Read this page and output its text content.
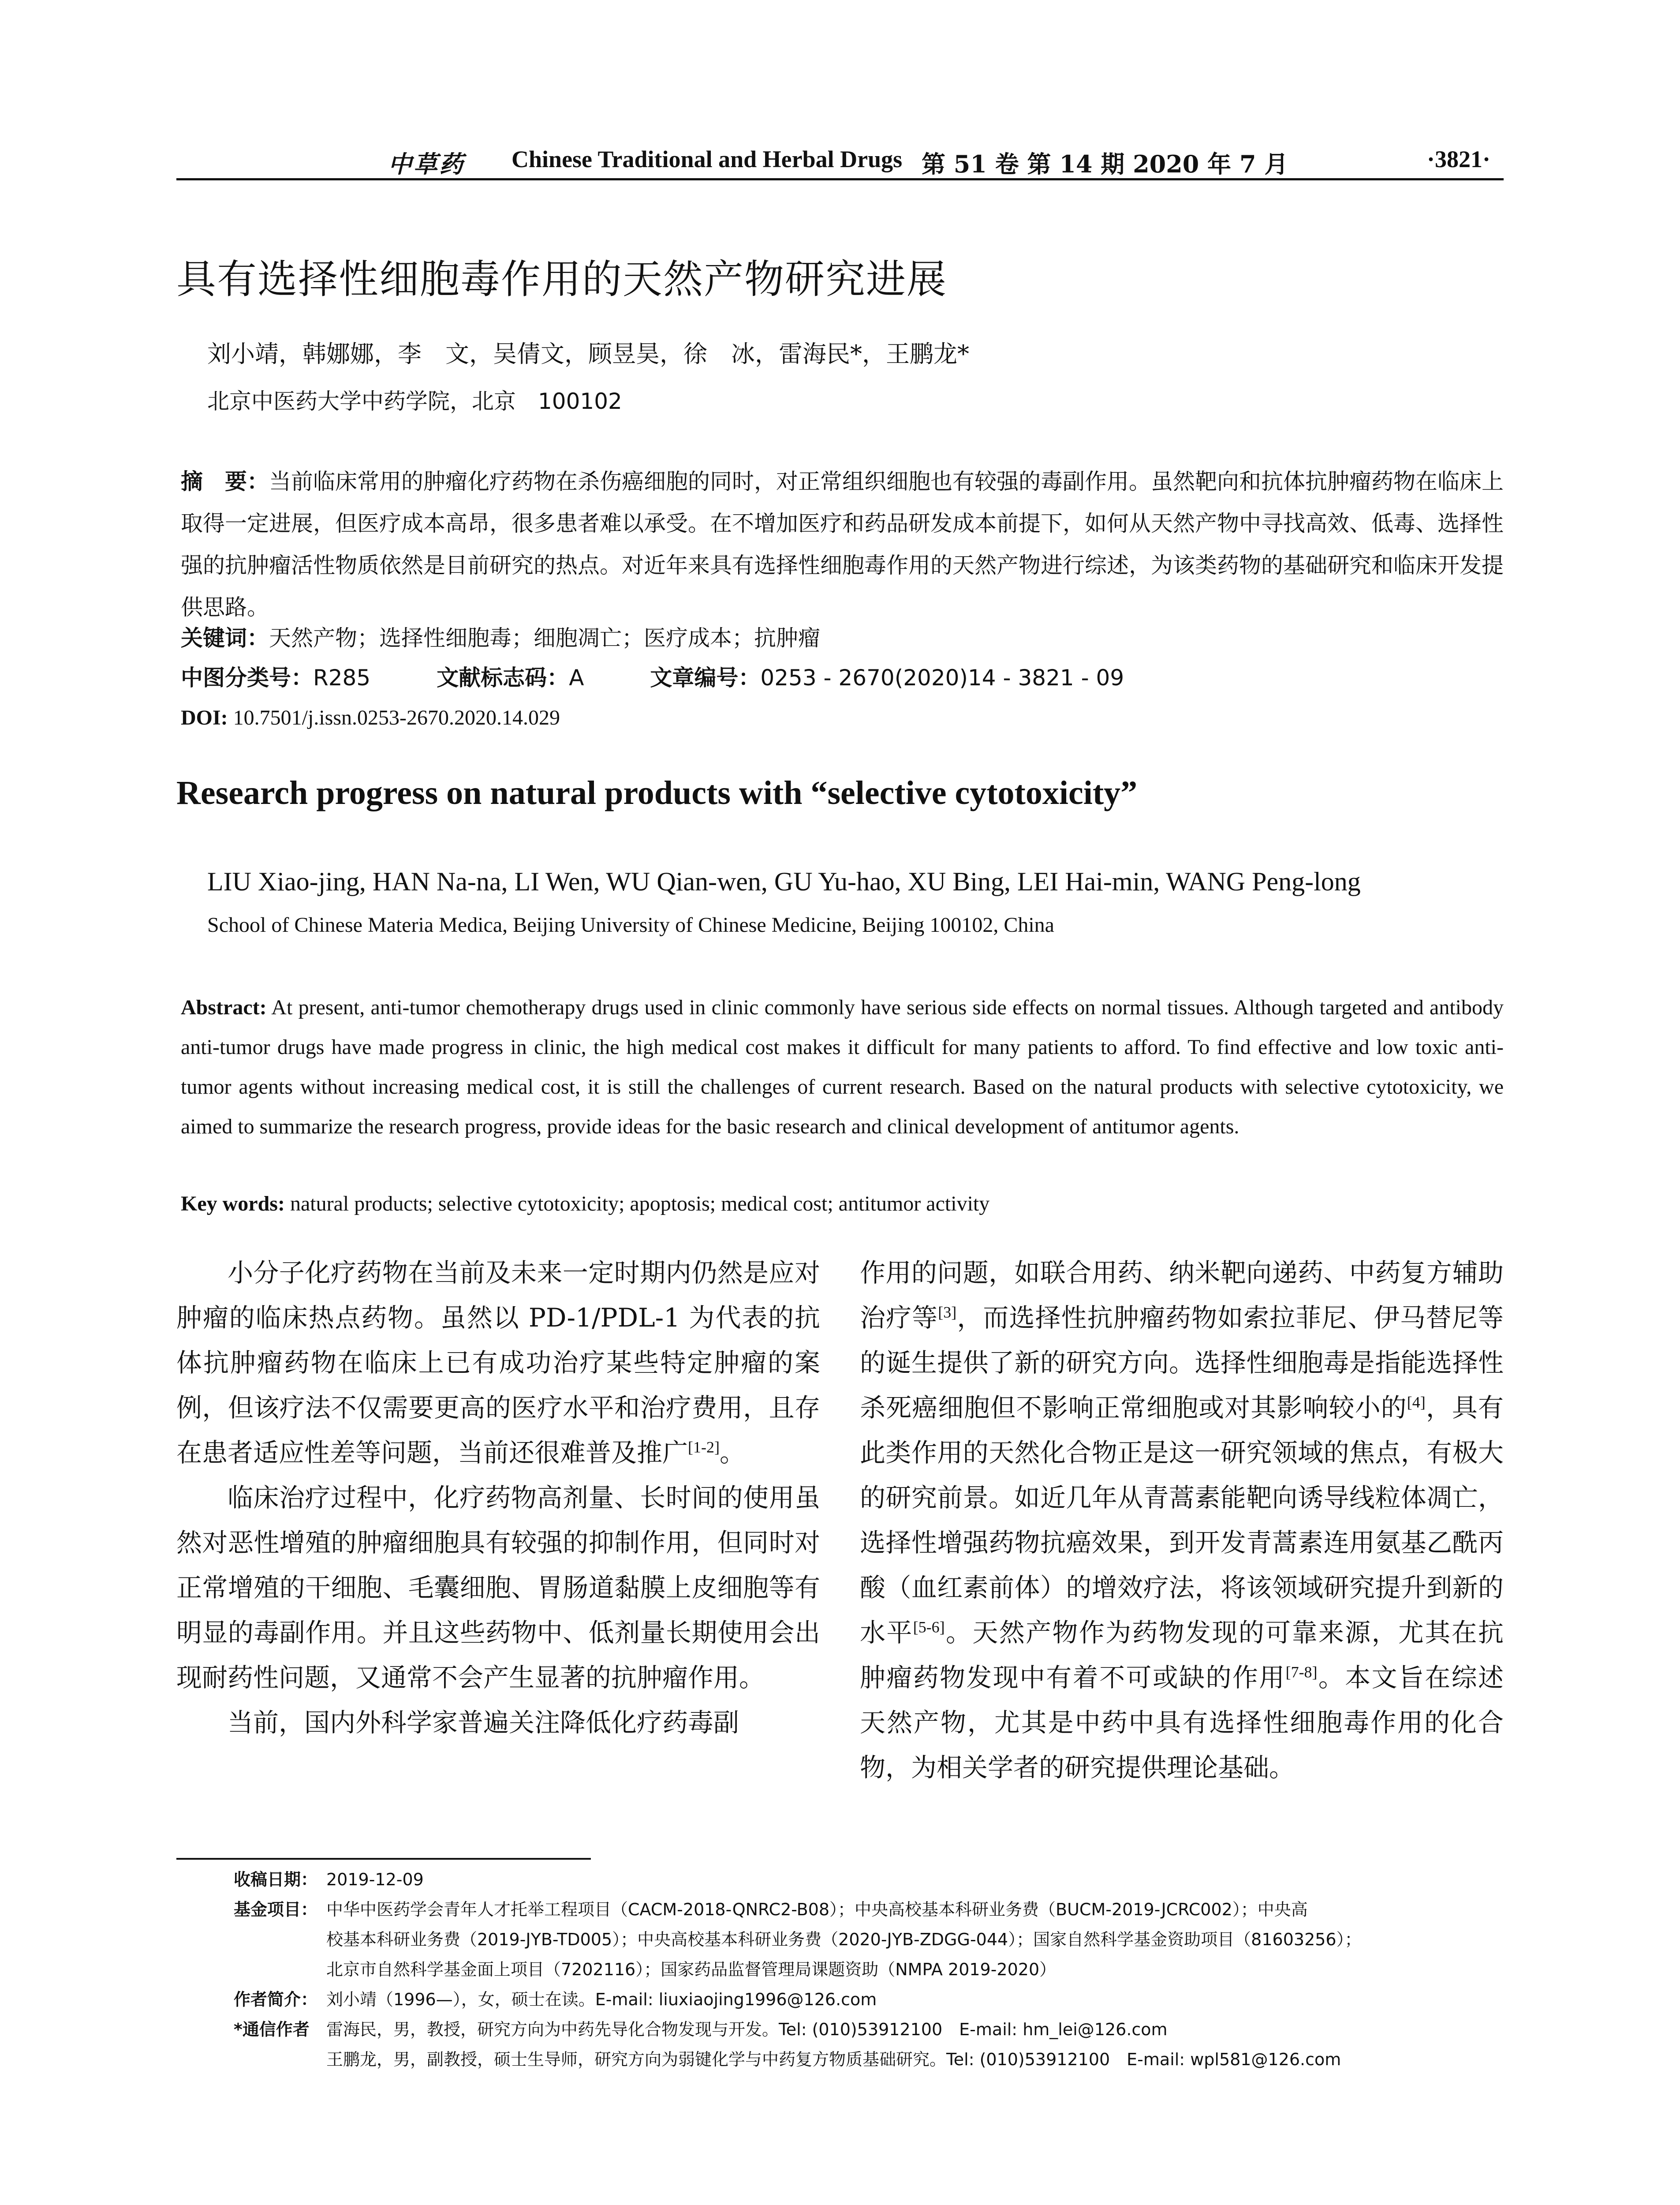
中草药 Chinese Traditional and Herbal Drugs 第 51 卷 第 14 期 2020 年 7 月	·3821·
具有选择性细胞毒作用的天然产物研究进展
刘小靖，韩娜娜，李　文，吴倩文，顾昱昊，徐　冰，雷海民*，王鹏龙*
北京中医药大学中药学院，北京　100102
摘　要：当前临床常用的肿瘤化疗药物在杀伤癌细胞的同时，对正常组织细胞也有较强的毒副作用。虽然靶向和抗体抗肿瘤药物在临床上取得一定进展，但医疗成本高昂，很多患者难以承受。在不增加医疗和药品研发成本前提下，如何从天然产物中寻找高效、低毒、选择性强的抗肿瘤活性物质依然是目前研究的热点。对近年来具有选择性细胞毒作用的天然产物进行综述，为该类药物的基础研究和临床开发提供思路。
关键词：天然产物；选择性细胞毒；细胞凋亡；医疗成本；抗肿瘤
中图分类号：R285	文献标志码：A	文章编号：0253 - 2670(2020)14 - 3821 - 09
DOI: 10.7501/j.issn.0253-2670.2020.14.029
Research progress on natural products with “selective cytotoxicity”
LIU Xiao-jing, HAN Na-na, LI Wen, WU Qian-wen, GU Yu-hao, XU Bing, LEI Hai-min, WANG Peng-long
School of Chinese Materia Medica, Beijing University of Chinese Medicine, Beijing 100102, China
Abstract: At present, anti-tumor chemotherapy drugs used in clinic commonly have serious side effects on normal tissues. Although targeted and antibody anti-tumor drugs have made progress in clinic, the high medical cost makes it difficult for many patients to afford. To find effective and low toxic anti-tumor agents without increasing medical cost, it is still the challenges of current research. Based on the natural products with selective cytotoxicity, we aimed to summarize the research progress, provide ideas for the basic research and clinical development of antitumor agents.
Key words: natural products; selective cytotoxicity; apoptosis; medical cost; antitumor activity

小分子化疗药物在当前及未来一定时期内仍然是应对肿瘤的临床热点药物。虽然以 PD-1/PDL-1 为代表的抗体抗肿瘤药物在临床上已有成功治疗某些特定肿瘤的案例，但该疗法不仅需要更高的医疗水平和治疗费用，且存在患者适应性差等问题，当前还很难普及推广[1-2]。

临床治疗过程中，化疗药物高剂量、长时间的使用虽然对恶性增殖的肿瘤细胞具有较强的抑制作用，但同时对正常增殖的干细胞、毛囊细胞、胃肠道黏膜上皮细胞等有明显的毒副作用。并且这些药物中、低剂量长期使用会出现耐药性问题，又通常不会产生显著的抗肿瘤作用。

当前，国内外科学家普遍关注降低化疗药毒副

作用的问题，如联合用药、纳米靶向递药、中药复方辅助治疗等[3]，而选择性抗肿瘤药物如索拉菲尼、伊马替尼等的诞生提供了新的研究方向。选择性细胞毒是指能选择性杀死癌细胞但不影响正常细胞或对其影响较小的[4]，具有此类作用的天然化合物正是这一研究领域的焦点，有极大的研究前景。如近几年从青蒿素能靶向诱导线粒体凋亡，选择性增强药物抗癌效果，到开发青蒿素连用氨基乙酰丙酸（血红素前体）的增效疗法，将该领域研究提升到新的水平[5-6]。天然产物作为药物发现的可靠来源，尤其在抗肿瘤药物发现中有着不可或缺的作用[7-8]。本文旨在综述天然产物，尤其是中药中具有选择性细胞毒作用的化合物，为相关学者的研究提供理论基础。

收稿日期： 2019-12-09
基金项目： 中华中医药学会青年人才托举工程项目（CACM-2018-QNRC2-B08）；中央高校基本科研业务费（BUCM-2019-JCRC002）；中央高
校基本科研业务费（2019-JYB-TD005）；中央高校基本科研业务费（2020-JYB-ZDGG-044）；国家自然科学基金资助项目（81603256）；
北京市自然科学基金面上项目（7202116）；国家药品监督管理局课题资助（NMPA 2019-2020）
作者简介： 刘小靖（1996—），女，硕士在读。E-mail: liuxiaojing1996@126.com
*通信作者	雷海民，男，教授，研究方向为中药先导化合物发现与开发。Tel: (010)53912100　E-mail: hm_lei@126.com
王鹏龙，男，副教授，硕士生导师，研究方向为弱键化学与中药复方物质基础研究。Tel: (010)53912100　E-mail: wpl581@126.com
